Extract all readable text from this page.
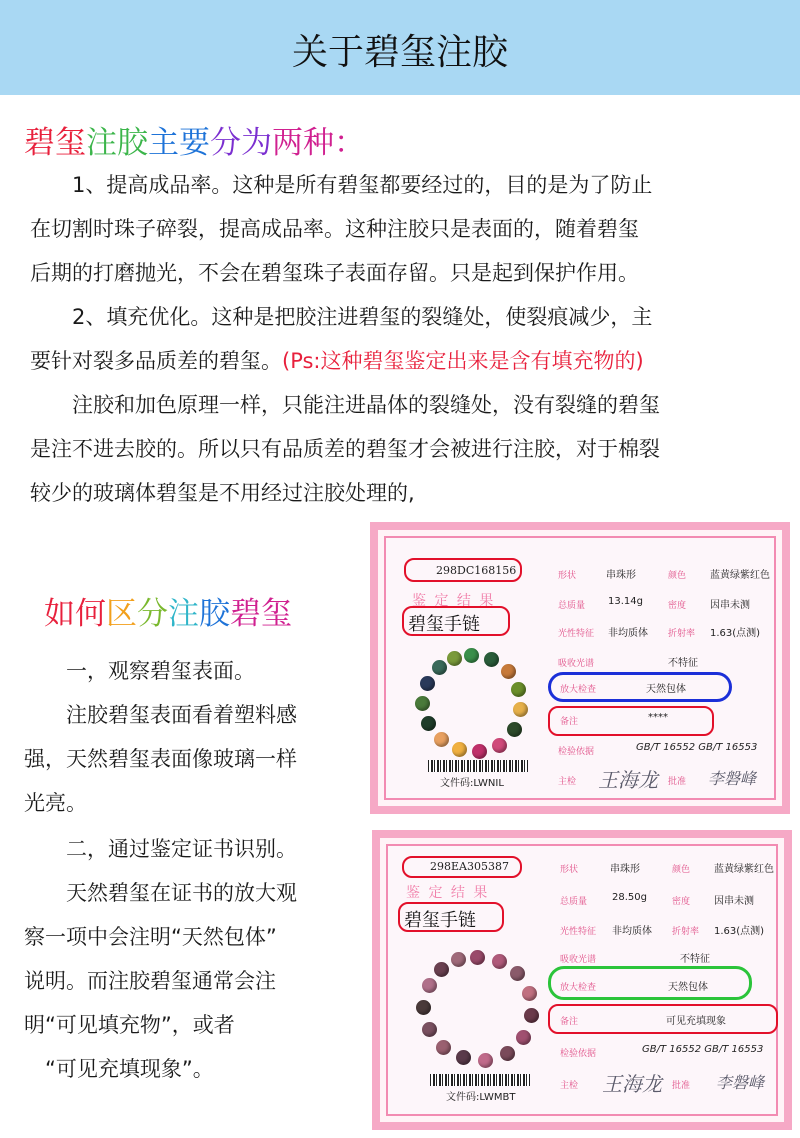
关于碧玺注胶
碧玺注胶主要分为两种：
　　1、提高成品率。这种是所有碧玺都要经过的，目的是为了防止
在切割时珠子碎裂，提高成品率。这种注胶只是表面的，随着碧玺
后期的打磨抛光，不会在碧玺珠子表面存留。只是起到保护作用。
　　2、填充优化。这种是把胶注进碧玺的裂缝处，使裂痕减少，主
要针对裂多品质差的碧玺。(Ps:这种碧玺鉴定出来是含有填充物的)
　　注胶和加色原理一样，只能注进晶体的裂缝处，没有裂缝的碧玺
是注不进去胶的。所以只有品质差的碧玺才会被进行注胶，对于棉裂
较少的玻璃体碧玺是不用经过注胶处理的,
如何区分注胶碧玺
　　一，观察碧玺表面。
　　注胶碧玺表面看着塑料感
强，天然碧玺表面像玻璃一样
光亮。
　　二，通过鉴定证书识别。
　　天然碧玺在证书的放大观
察一项中会注明“天然包体”
说明。而注胶碧玺通常会注
明“可见填充物”，或者
　“可见充填现象”。
298DC168156
鉴 定 结 果
碧玺手链
形状	串珠形	颜色 蓝黄绿紫红色
总质量 13.14g	密度 因串未测
光性特征 非均质体 折射率 1.63(点测)
吸收光谱	不特征
放大检查	天然包体
备注	****
检验依据	GB/T 16552 GB/T 16553
主检 王海龙 批准 李磐峰
文件码:LWNIL
298EA305387
鉴 定 结 果
碧玺手链
形状	串珠形	颜色 蓝黄绿紫红色
总质量 28.50g	密度 因串未测
光性特征 非均质体 折射率 1.63(点测)
吸收光谱	不特征
放大检查	天然包体
备注	可见充填现象
检验依据	GB/T 16552 GB/T 16553
主检 王海龙 批准 李磐峰
文件码:LWMBT
